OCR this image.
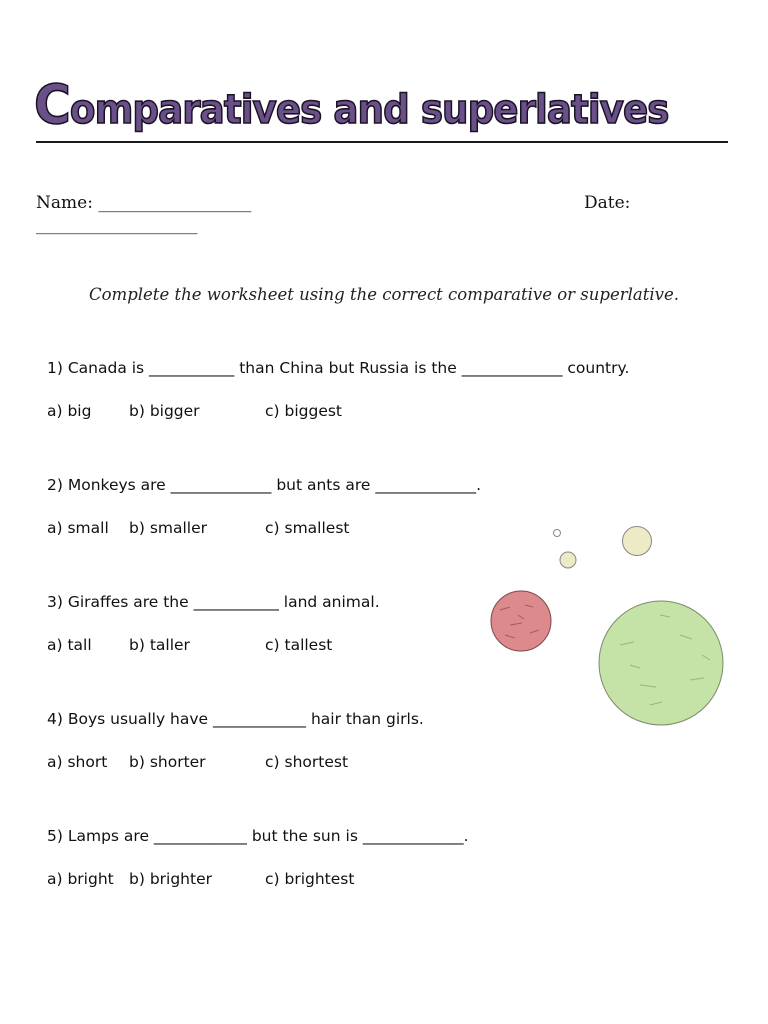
Comparatives and superlatives
Name: __________________	Date:
___________________
Complete the worksheet using the correct comparative or superlative.
1) Canada is ___________ than China but Russia is the _____________ country.
a) big b) bigger	c) biggest
2) Monkeys are _____________ but ants are _____________.
a) small b) smaller	c) smallest
3) Giraffes are the ___________ land animal.
a) tall b) taller	c) tallest
4) Boys usually have ____________ hair than girls.
a) short b) shorter	c) shortest
5) Lamps are ____________ but the sun is _____________.
a) bright b) brighter	c) brightest
